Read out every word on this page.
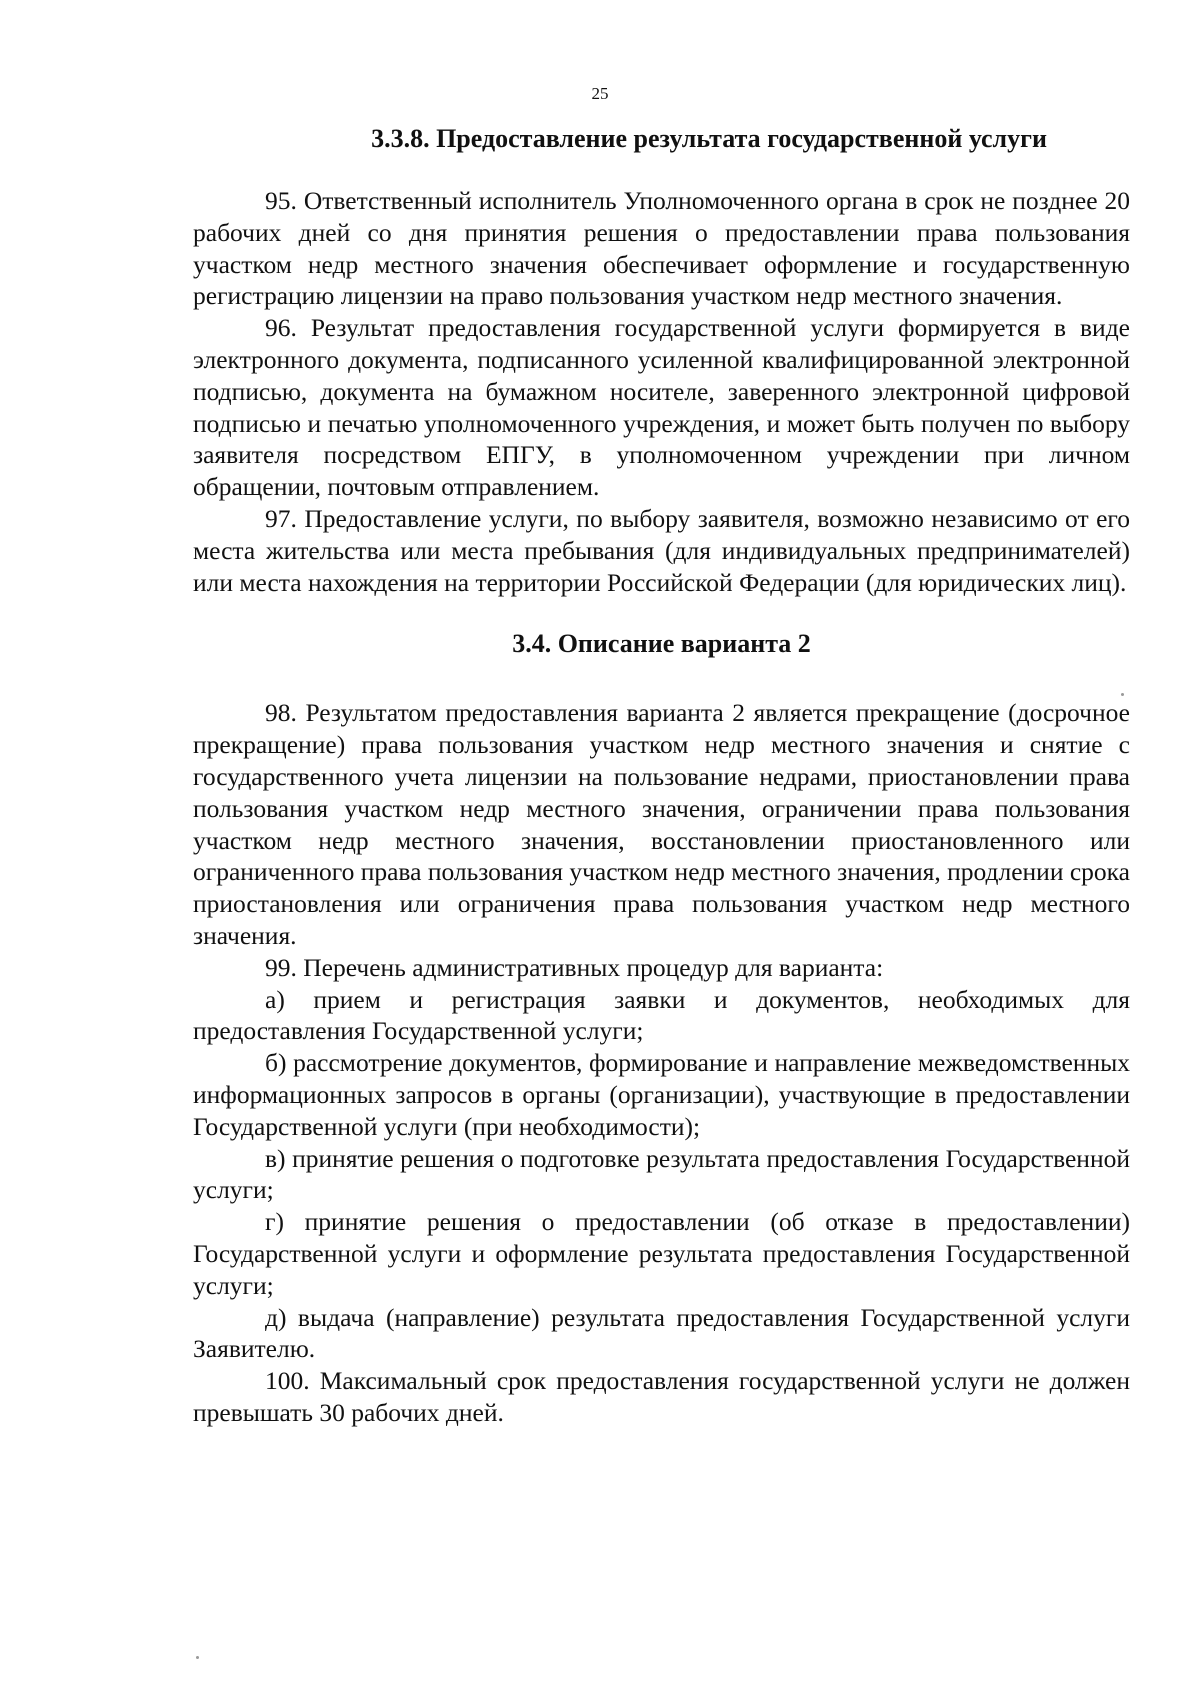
25
3.3.8. Предоставление результата государственной услуги

95. Ответственный исполнитель Уполномоченного органа в срок не позднее 20 рабочих дней со дня принятия решения о предоставлении права пользования участком недр местного значения обеспечивает оформление и государственную регистрацию лицензии на право пользования участком недр местного значения.

96. Результат предоставления государственной услуги формируется в виде электронного документа, подписанного усиленной квалифицированной электронной подписью, документа на бумажном носителе, заверенного электронной цифровой подписью и печатью уполномоченного учреждения, и может быть получен по выбору заявителя посредством ЕПГУ, в уполномоченном учреждении при личном обращении, почтовым отправлением.

97. Предоставление услуги, по выбору заявителя, возможно независимо от его места жительства или места пребывания (для индивидуальных предпринимателей) или места нахождения на территории Российской Федерации (для юридических лиц).

3.4. Описание варианта 2

98. Результатом предоставления варианта 2 является прекращение (досрочное прекращение) права пользования участком недр местного значения и снятие с государственного учета лицензии на пользование недрами, приостановлении права пользования участком недр местного значения, ограничении права пользования участком недр местного значения, восстановлении приостановленного или ограниченного права пользования участком недр местного значения, продлении срока приостановления или ограничения права пользования участком недр местного значения.

99. Перечень административных процедур для варианта:

а) прием и регистрация заявки и документов, необходимых для предоставления Государственной услуги;

б) рассмотрение документов, формирование и направление межведомственных информационных запросов в органы (организации), участвующие в предоставлении Государственной услуги (при необходимости);

в) принятие решения о подготовке результата предоставления Государственной услуги;

г) принятие решения о предоставлении (об отказе в предоставлении) Государственной услуги и оформление результата предоставления Государственной услуги;

д) выдача (направление) результата предоставления Государственной услуги Заявителю.

100. Максимальный срок предоставления государственной услуги не должен превышать 30 рабочих дней.
